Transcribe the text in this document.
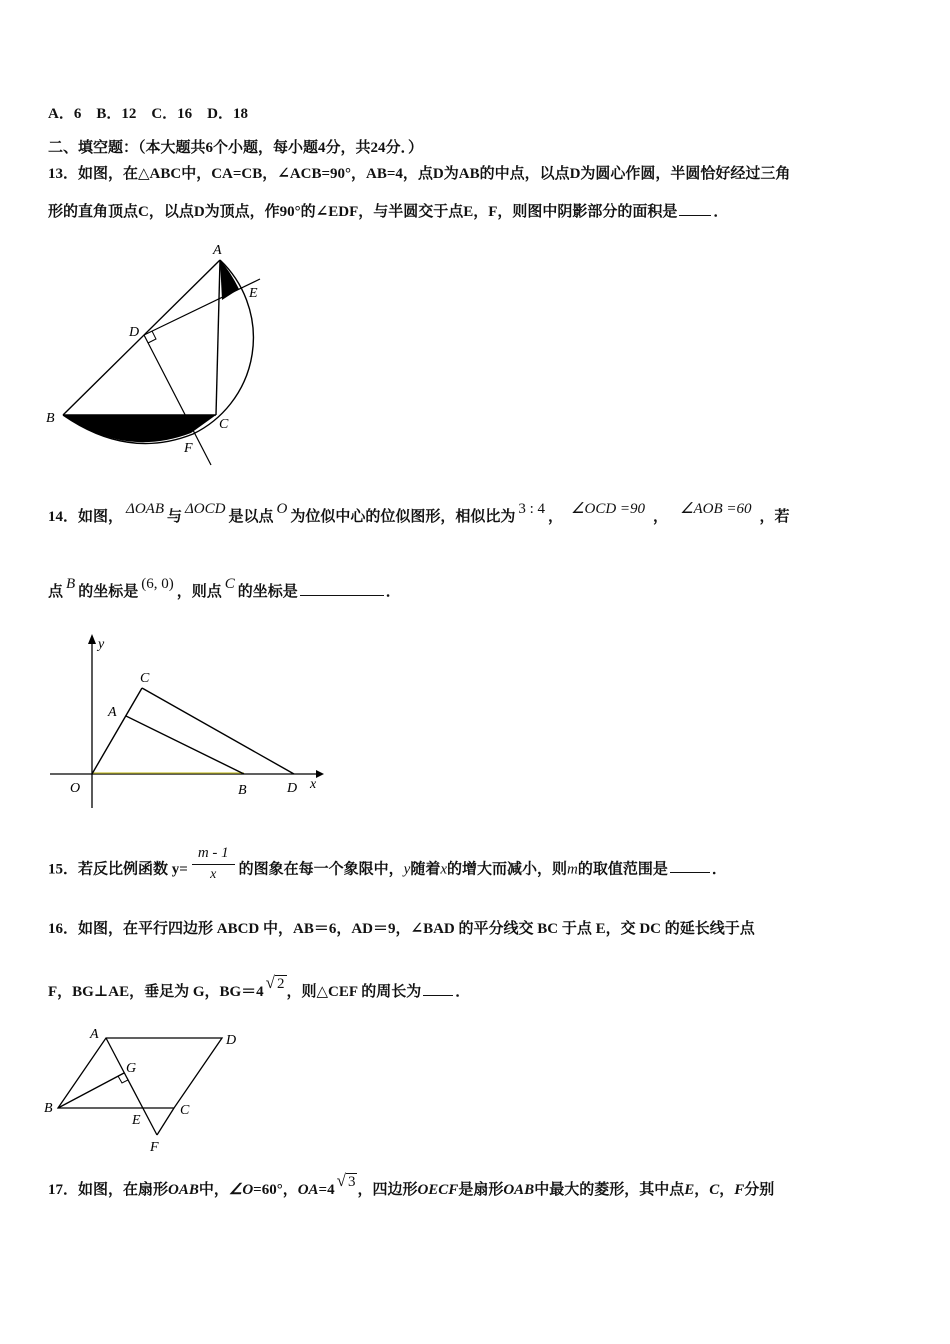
A．6　B．12　C．16　D．18
二、填空题：（本大题共6个小题，每小题4分，共24分．）
13．如图，在△ABC中，CA=CB，∠ACB=90°，AB=4，点D为AB的中点，以点D为圆心作圆，半圆恰好经过三角
形的直角顶点C，以点D为顶点，作90°的∠EDF，与半圆交于点E，F，则图中阴影部分的面积是 ．
A
B	C
D
E
F
14．如图， ΔOAB 与 ΔOCD 是以点 O 为位似中心的位似图形，相似比为 3 : 4 ， ∠OCD =90 ， ∠AOB =60 ，若
点 B 的坐标是 (6, 0) ，则点 C 的坐标是	．
y
x
O
A
B
C
D
15．若反比例函数 $y= \frac{m - 1}{x}$ 的图象在每一个象限中，y随着x的增大而减小，则m的取值范围是	．
16．如图，在平行四边形 ABCD 中，AB＝6，AD＝9，∠BAD 的平分线交 BC 于点 E，交 DC 的延长线于点
F，BG⊥AE，垂足为 G，BG＝4 √ 2 ，则△CEF 的周长为 ．
A	D
B	C
E
F
G
17．如图，在扇形OAB中，∠O=60°，OA=4 √ 3 ，四边形OECF是扇形OAB中最大的菱形，其中点E，C，F分别
